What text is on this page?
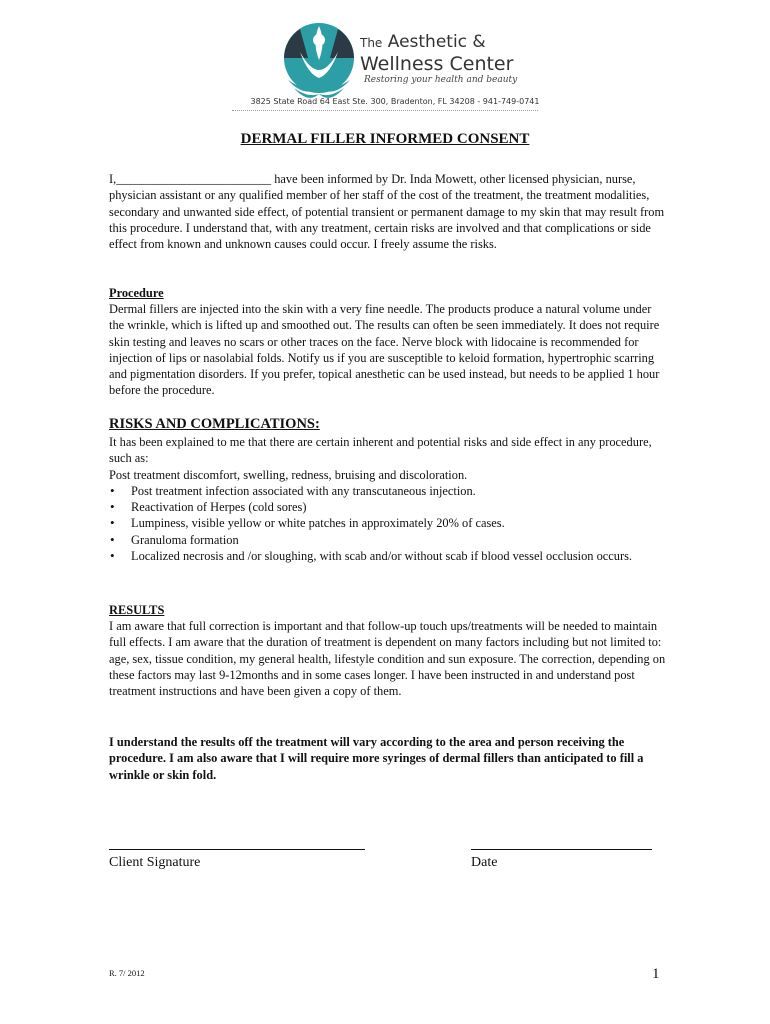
The Aesthetic &
Wellness Center
Restoring your health and beauty
3825 State Road 64 East Ste. 300, Bradenton, FL 34208 - 941-749-0741
DERMAL FILLER INFORMED CONSENT
I,_________________________ have been informed by Dr. Inda Mowett, other licensed physician, nurse, physician assistant or any qualified member of her staff of the cost of the treatment, the treatment modalities, secondary and unwanted side effect, of potential transient or permanent damage to my skin that may result from this procedure. I understand that, with any treatment, certain risks are involved and that complications or side effect from known and unknown causes could occur. I freely assume the risks.
Procedure
Dermal fillers are injected into the skin with a very fine needle. The products produce a natural volume under the wrinkle, which is lifted up and smoothed out. The results can often be seen immediately. It does not require skin testing and leaves no scars or other traces on the face. Nerve block with lidocaine is recommended for injection of lips or nasolabial folds. Notify us if you are susceptible to keloid formation, hypertrophic scarring and pigmentation disorders. If you prefer, topical anesthetic can be used instead, but needs to be applied 1 hour before the procedure.
RISKS AND COMPLICATIONS:
It has been explained to me that there are certain inherent and potential risks and side effect in any procedure, such as:
Post treatment discomfort, swelling, redness, bruising and discoloration.
• Post treatment infection associated with any transcutaneous injection.
• Reactivation of Herpes (cold sores)
• Lumpiness, visible yellow or white patches in approximately 20% of cases.
• Granuloma formation
• Localized necrosis and /or sloughing, with scab and/or without scab if blood vessel occlusion occurs.
RESULTS
I am aware that full correction is important and that follow-up touch ups/treatments will be needed to maintain full effects. I am aware that the duration of treatment is dependent on many factors including but not limited to: age, sex, tissue condition, my general health, lifestyle condition and sun exposure. The correction, depending on these factors may last 9-12months and in some cases longer. I have been instructed in and understand post treatment instructions and have been given a copy of them.
I understand the results off the treatment will vary according to the area and person receiving the procedure. I am also aware that I will require more syringes of dermal fillers than anticipated to fill a wrinkle or skin fold.
Client Signature	Date
R. 7/ 2012	1
